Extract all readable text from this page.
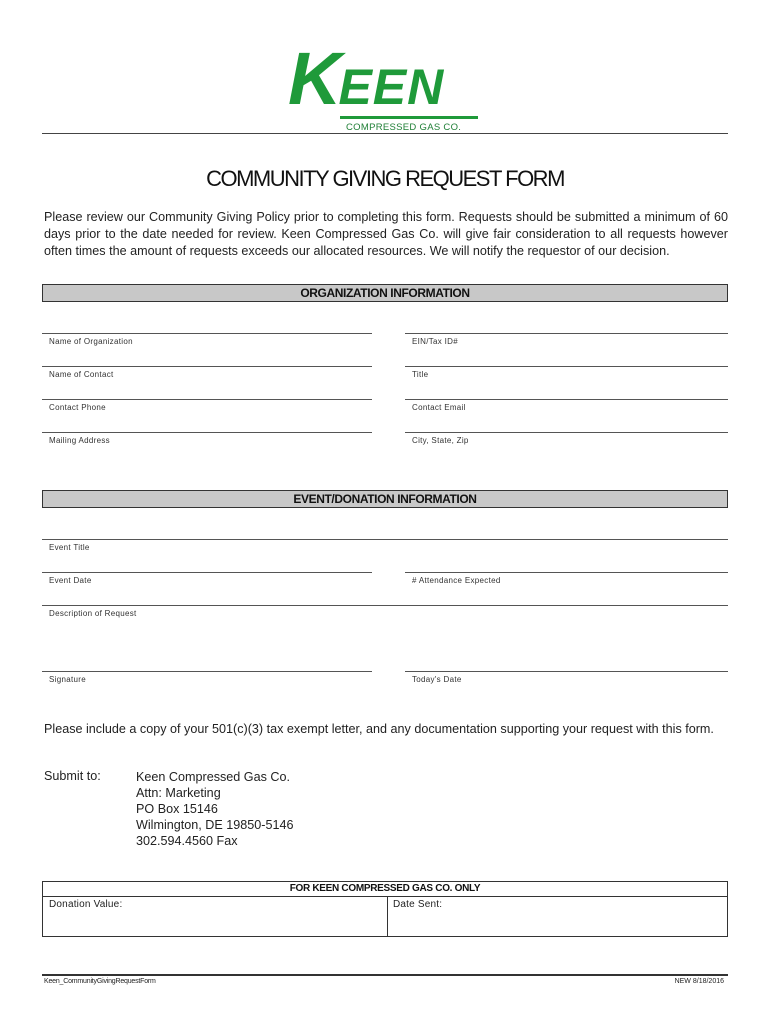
KEEN
COMPRESSED GAS CO.
COMMUNITY GIVING REQUEST FORM
Please review our Community Giving Policy prior to completing this form. Requests should be submitted a minimum of 60 days prior to the date needed for review. Keen Compressed Gas Co. will give fair consideration to all requests however often times the amount of requests exceeds our allocated resources. We will notify the requestor of our decision.
ORGANIZATION INFORMATION
Name of Organization	EIN/Tax ID#
Name of Contact	Title
Contact Phone	Contact Email
Mailing Address	City, State, Zip
EVENT/DONATION INFORMATION
Event Title
Event Date	# Attendance Expected
Description of Request
Signature	Today's Date
Please include a copy of your 501(c)(3) tax exempt letter, and any documentation supporting your request with this form.
Submit to:	Keen Compressed Gas Co.
Attn: Marketing
PO Box 15146
Wilmington, DE 19850-5146
302.594.4560 Fax
FOR KEEN COMPRESSED GAS CO. ONLY
Donation Value:	Date Sent:
Keen_CommunityGivingRequestForm	NEW 8/18/2016
